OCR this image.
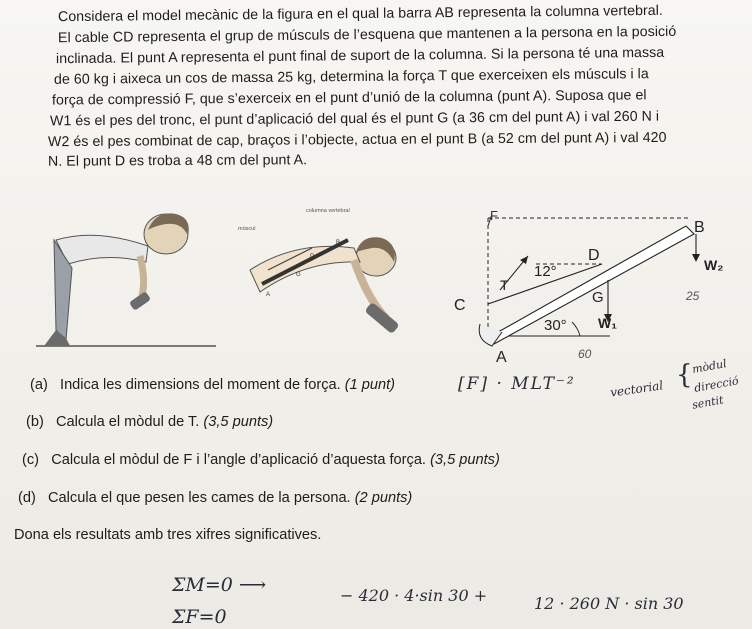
Considera el model mecànic de la figura en el qual la barra AB representa la columna vertebral.
El cable CD representa el grup de músculs de l’esquena que mantenen a la persona en la posició
inclinada. El punt A representa el punt final de suport de la columna. Si la persona té una massa
de 60 kg i aixeca un cos de massa 25 kg, determina la força T que exerceixen els músculs i la
força de compressió F, que s’exerceix en el punt d’unió de la columna (punt A). Suposa que el
W1 és el pes del tronc, el punt d’aplicació del qual és el punt G (a 36 cm del punt A) i val 260 N i
W2 és el pes combinat de cap, braços i l’objecte, actua en el punt B (a 52 cm del punt A) i val 420
N. El punt D es troba a 48 cm del punt A.
columna vertebral
múscul
A
B
D
G
F
T
12°
G
W₁
W₂
25
B
D
C
A
30°
60
(a) Indica les dimensions del moment de força. (1 punt)
(b) Calcula el mòdul de T. (3,5 punts)
(c) Calcula el mòdul de F i l’angle d’aplicació d’aquesta força. (3,5 punts)
(d) Calcula el que pesen les cames de la persona. (2 punts)
Dona els resultats amb tres xifres significatives.
[F] · MLT⁻²	vectorial {
mòdul
direcció
sentit
ΣM=0 ⟶	− 420 · 4·sin 30 +	12 · 260 N · sin 30
ΣF=0
